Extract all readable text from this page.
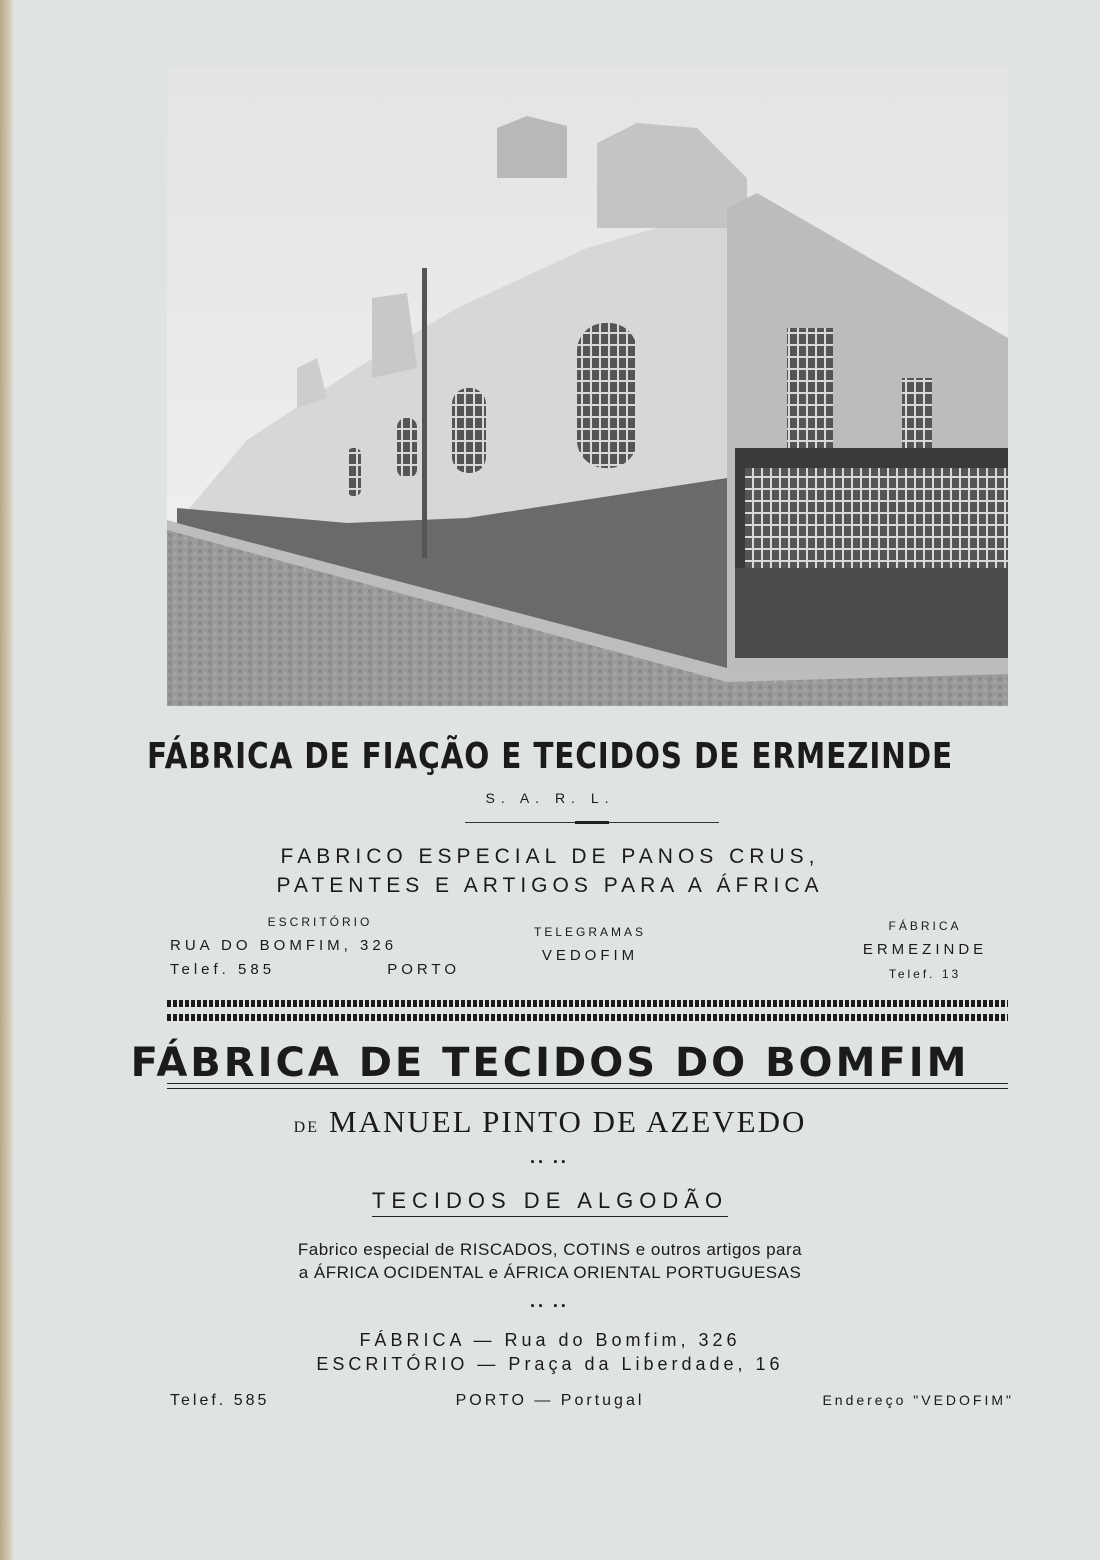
FÁBRICA DE FIAÇÃO E TECIDOS DE ERMEZINDE
S. A. R. L.
FABRICO ESPECIAL DE PANOS CRUS,
PATENTES E ARTIGOS PARA A ÁFRICA
ESCRITÓRIO
RUA DO BOMFIM, 326
Telef. 585	PORTO
TELEGRAMAS
VEDOFIM
FÁBRICA
ERMEZINDE
Telef. 13
FÁBRICA DE TECIDOS DO BOMFIM
DE MANUEL PINTO DE AZEVEDO
▪▪ ▪▪
TECIDOS DE ALGODÃO
Fabrico especial de RISCADOS, COTINS e outros artigos para
a ÁFRICA OCIDENTAL e ÁFRICA ORIENTAL PORTUGUESAS
▪▪ ▪▪
FÁBRICA — Rua do Bomfim, 326
ESCRITÓRIO — Praça da Liberdade, 16
Telef. 585	PORTO — Portugal	Endereço "VEDOFIM"
